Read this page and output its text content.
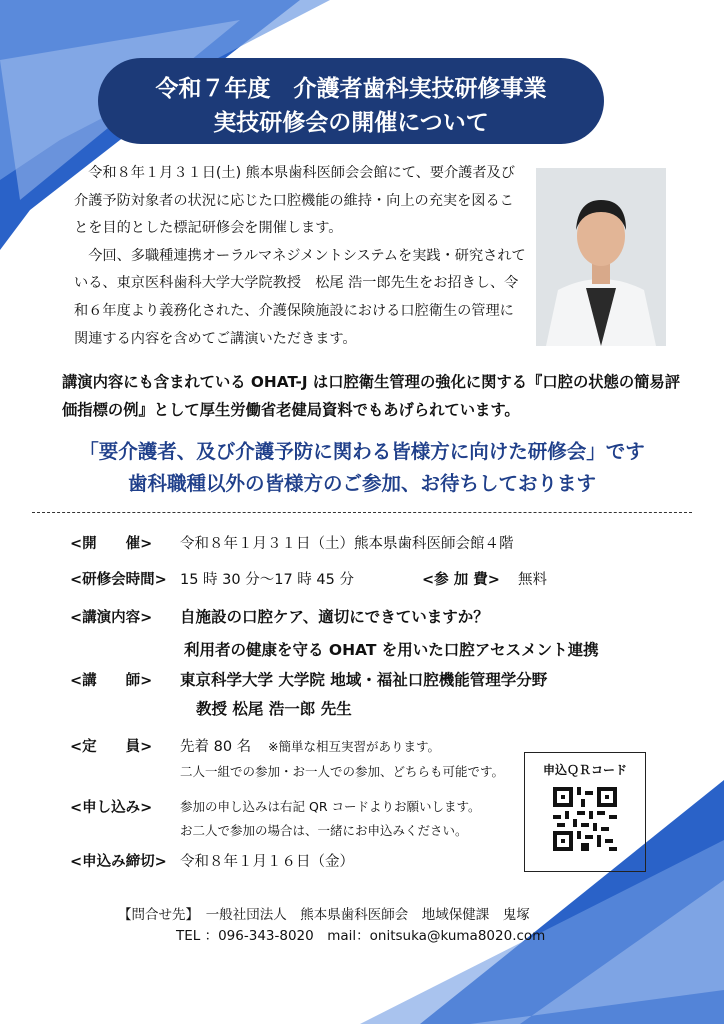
令和７年度　介護者歯科実技研修事業
実技研修会の開催について

令和８年１月３１日(土) 熊本県歯科医師会会館にて、要介護者及び介護予防対象者の状況に応じた口腔機能の維持・向上の充実を図ることを目的とした標記研修会を開催します。

今回、多職種連携オーラルマネジメントシステムを実践・研究されている、東京医科歯科大学大学院教授　松尾 浩一郎先生をお招きし、令和６年度より義務化された、介護保険施設における口腔衛生の管理に関連する内容を含めてご講演いただきます。

講演内容にも含まれている OHAT-J は口腔衛生管理の強化に関する『口腔の状態の簡易評価指標の例』として厚生労働省老健局資料でもあげられています。
「要介護者、及び介護予防に関わる皆様方に向けた研修会」です
歯科職種以外の皆様方のご参加、お待ちしております
<開　　催> 令和８年１月３１日（土）熊本県歯科医師会館４階
<研修会時間> 15 時 30 分～17 時 45 分	<参 加 費> 無料
<講演内容> 自施設の口腔ケア、適切にできていますか？
利用者の健康を守る OHAT を用いた口腔アセスメント連携
<講　　師> 東京科学大学 大学院 地域・福祉口腔機能管理学分野
教授 松尾 浩一郎 先生
<定　　員> 先着 80 名 ※簡単な相互実習があります。
二人一組での参加・お一人での参加、どちらも可能です。
<申し込み> 参加の申し込みは右記 QR コードよりお願いします。
お二人で参加の場合は、一緒にお申込みください。
<申込み締切> 令和８年１月１６日（金）
申込ＱＲコード
【問合せ先】　一般社団法人　熊本県歯科医師会　地域保健課　鬼塚
TEL ：096-343-8020　mail：onitsuka@kuma8020.com
